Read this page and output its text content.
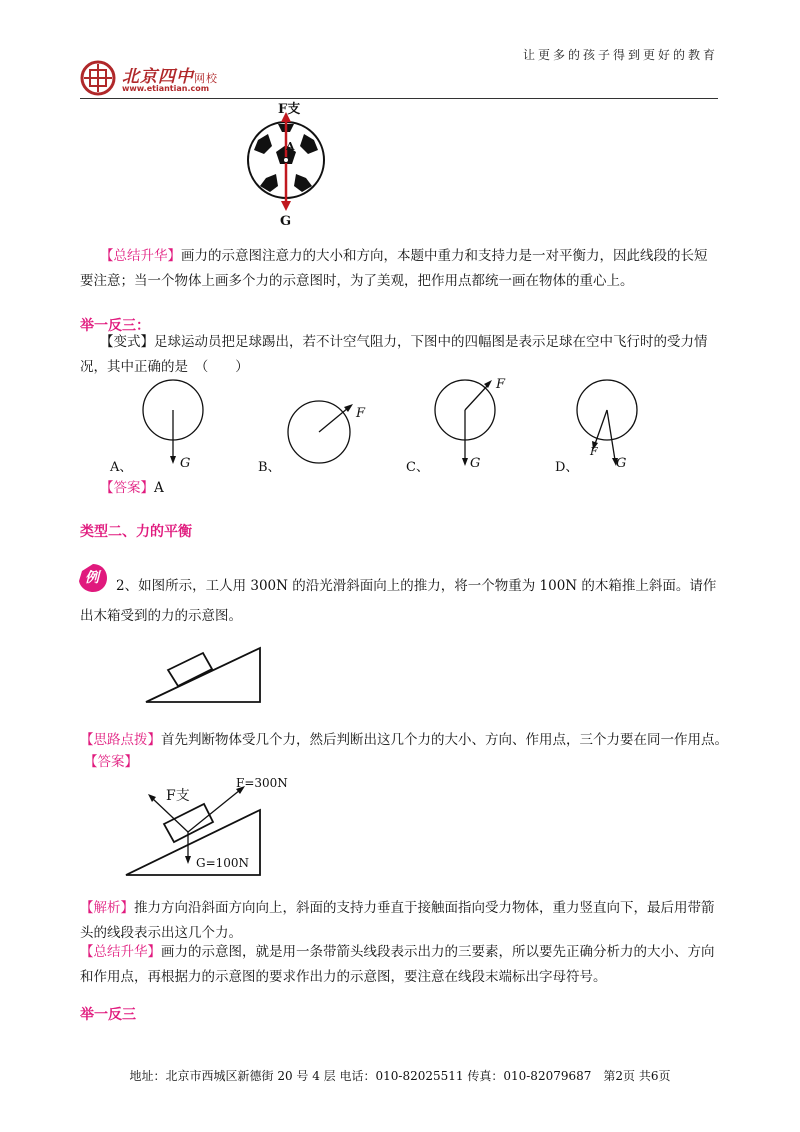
北京四中网校
www.etiantian.com
让更多的孩子得到更好的教育
F支
A
G
【总结升华】画力的示意图注意力的大小和方向，本题中重力和支持力是一对平衡力，因此线段的长短要注意；当一个物体上画多个力的示意图时，为了美观，把作用点都统一画在物体的重心上。
举一反三：
【变式】足球运动员把足球踢出，若不计空气阻力，下图中的四幅图是表示足球在空中飞行时的受力情况，其中正确的是　（　　）
A、	G	B、
F
C、
F
G	D、
F
G
【答案】A
类型二、力的平衡
例	2、如图所示，工人用 300N 的沿光滑斜面向上的推力，将一个物重为 100N 的木箱推上斜面。请作出木箱受到的力的示意图。
【思路点拨】首先判断物体受几个力，然后判断出这几个力的大小、方向、作用点，三个力要在同一作用点。
【答案】
F支
F=300N
G=100N
【解析】推力方向沿斜面方向向上，斜面的支持力垂直于接触面指向受力物体，重力竖直向下，最后用带箭头的线段表示出这几个力。
【总结升华】画力的示意图，就是用一条带箭头线段表示出力的三要素，所以要先正确分析力的大小、方向和作用点，再根据力的示意图的要求作出力的示意图，要注意在线段末端标出字母符号。
举一反三
地址：北京市西城区新德街 20 号 4 层 电话：010-82025511 传真：010-82079687　第2页 共6页
